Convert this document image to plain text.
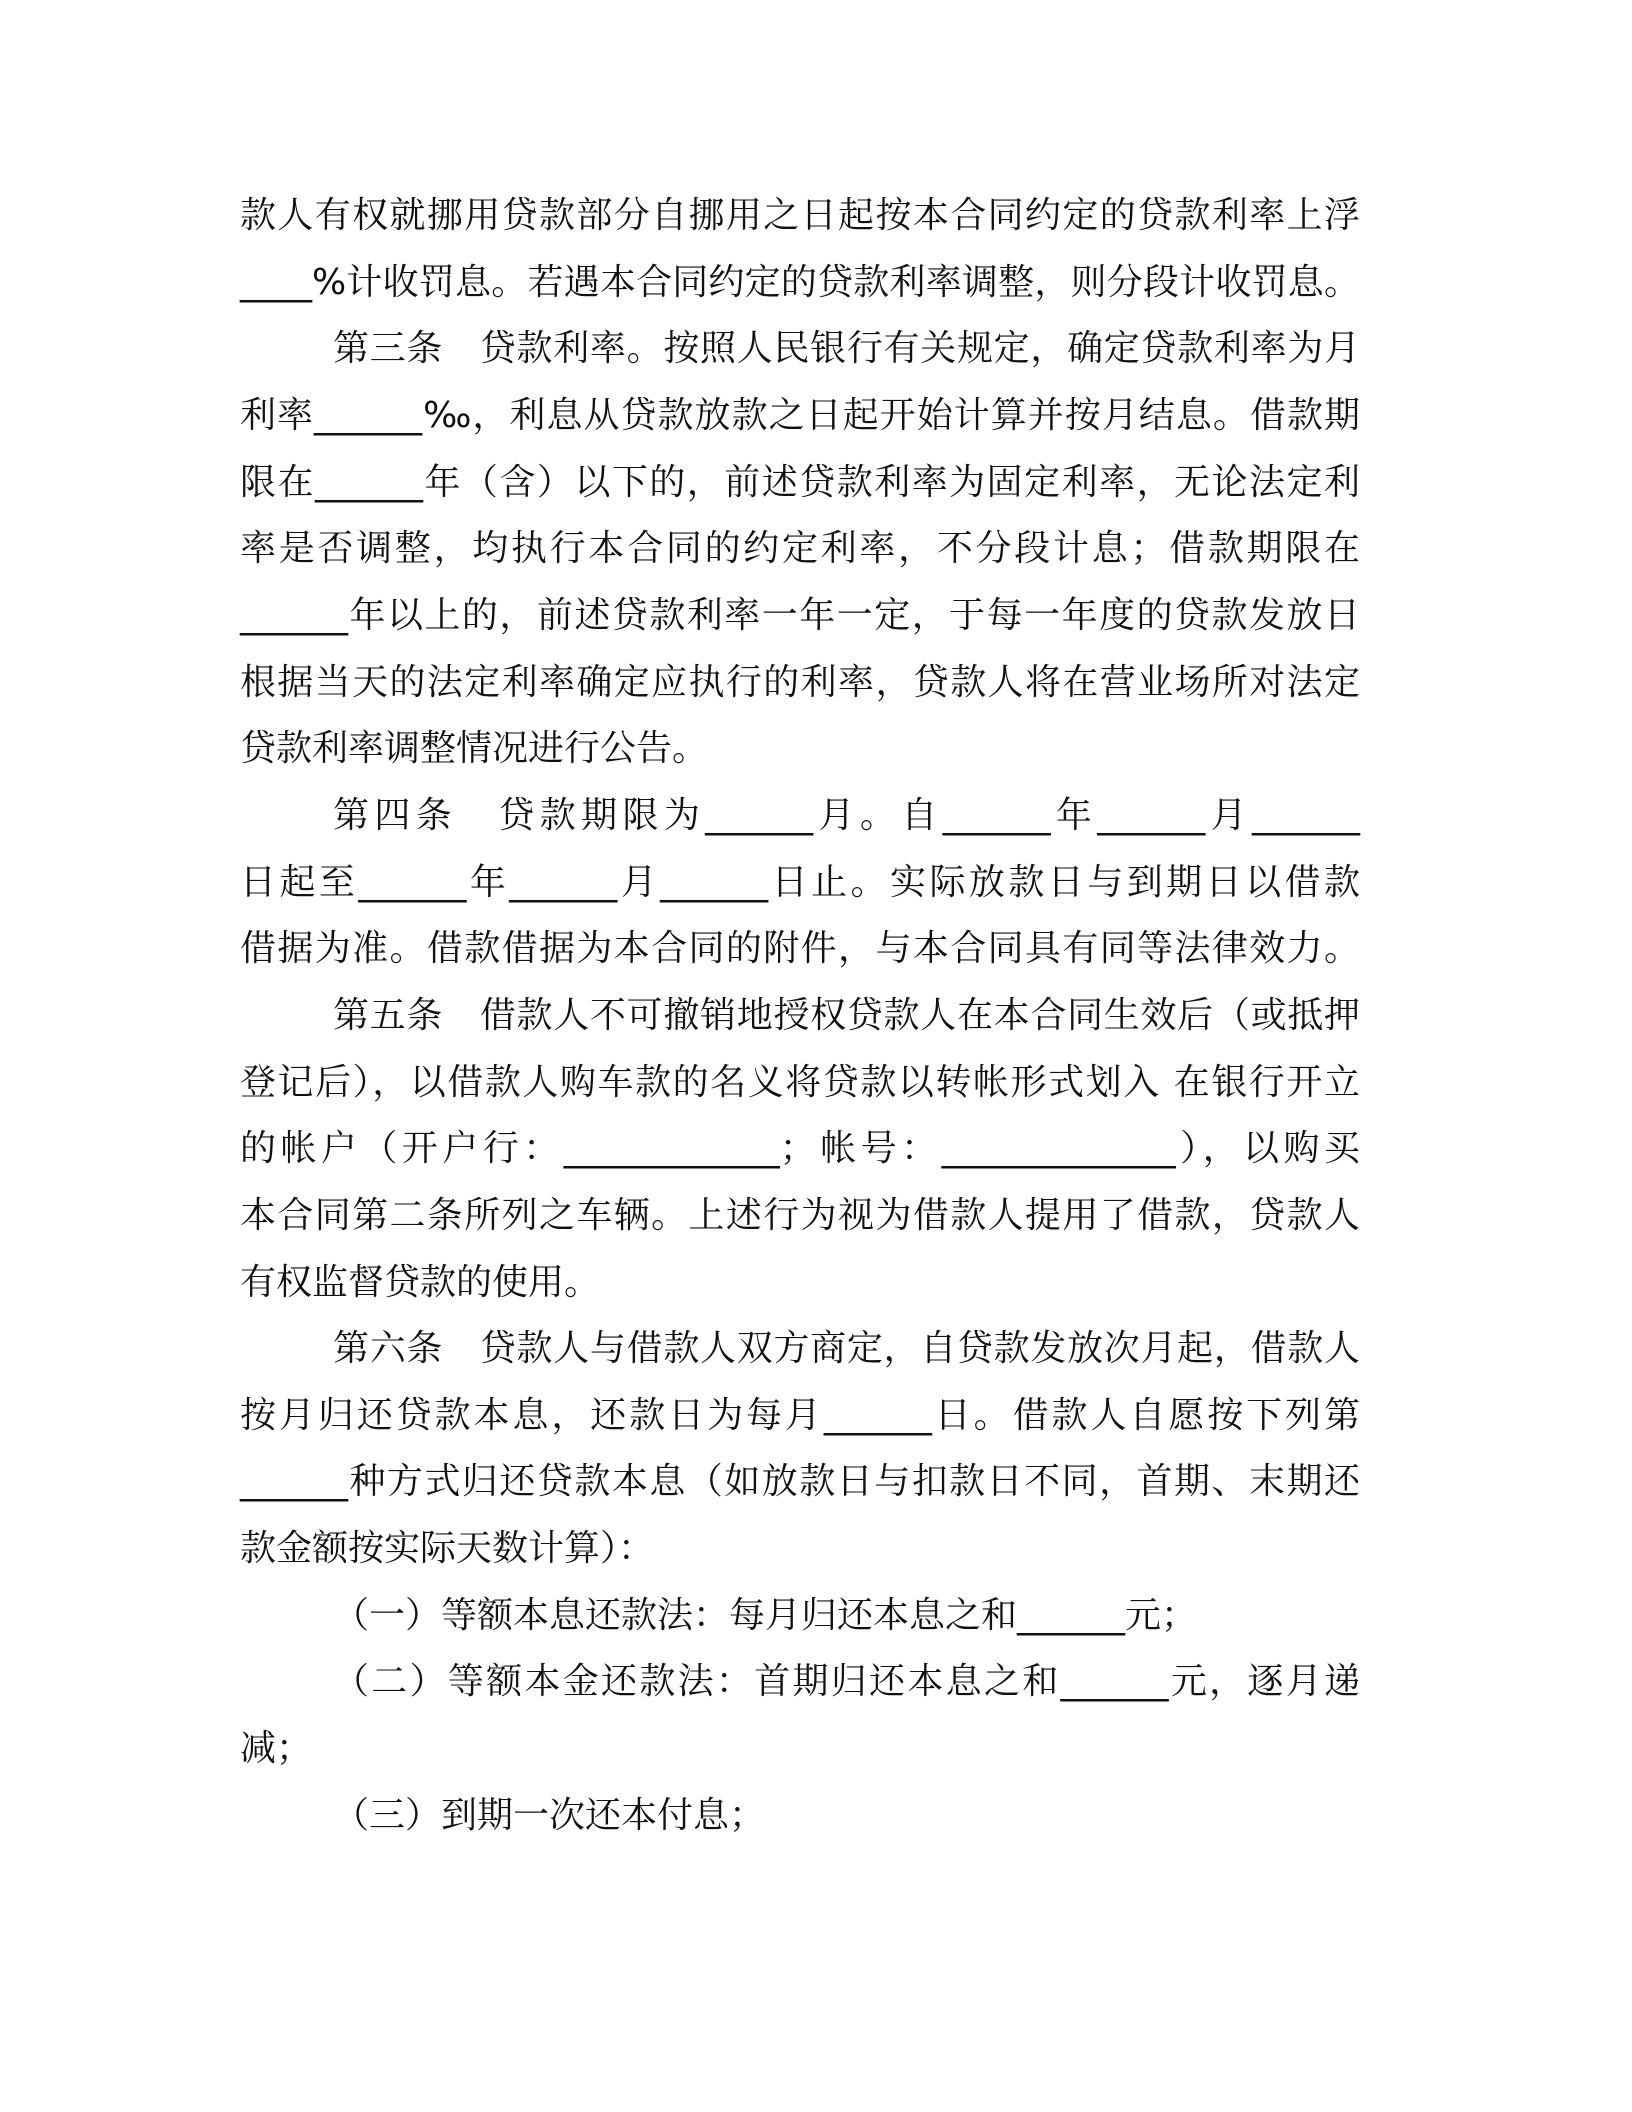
款人有权就挪用贷款部分自挪用之日起按本合同约定的贷款利率上浮
____%计收罚息。若遇本合同约定的贷款利率调整，则分段计收罚息。
第三条　贷款利率。按照人民银行有关规定，确定贷款利率为月
利率______‰，利息从贷款放款之日起开始计算并按月结息。借款期
限在______年（含）以下的，前述贷款利率为固定利率，无论法定利
率是否调整，均执行本合同的约定利率，不分段计息；借款期限在
______年以上的，前述贷款利率一年一定，于每一年度的贷款发放日
根据当天的法定利率确定应执行的利率，贷款人将在营业场所对法定
贷款利率调整情况进行公告。
第四条　贷款期限为______月。自______年______月______
日起至______年______月______日止。实际放款日与到期日以借款
借据为准。借款借据为本合同的附件，与本合同具有同等法律效力。
第五条　借款人不可撤销地授权贷款人在本合同生效后（或抵押
登记后），以借款人购车款的名义将贷款以转帐形式划入 在银行开立
的帐户（开户行：____________；帐号：_____________），以购买
本合同第二条所列之车辆。上述行为视为借款人提用了借款，贷款人
有权监督贷款的使用。
第六条　贷款人与借款人双方商定，自贷款发放次月起，借款人
按月归还贷款本息，还款日为每月______日。借款人自愿按下列第
______种方式归还贷款本息（如放款日与扣款日不同，首期、末期还
款金额按实际天数计算）：
（一）等额本息还款法：每月归还本息之和______元；
（二）等额本金还款法：首期归还本息之和______元，逐月递
减；
（三）到期一次还本付息；
